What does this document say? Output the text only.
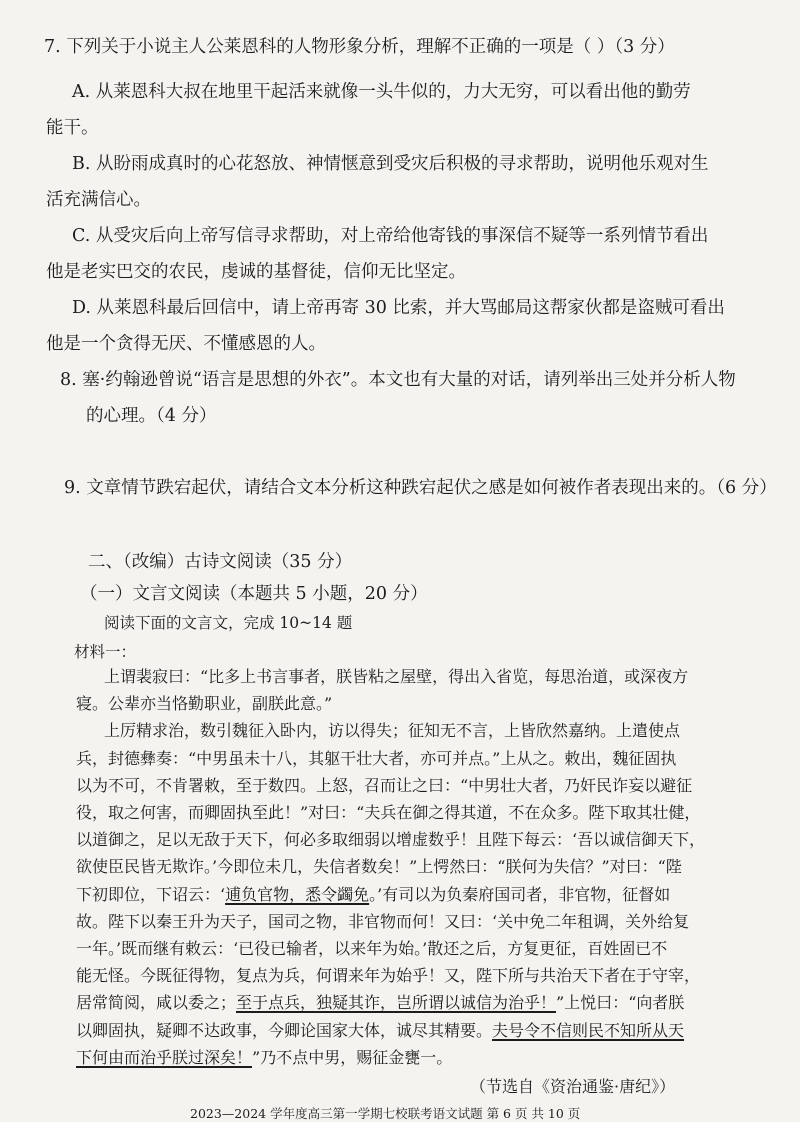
7. 下列关于小说主人公莱恩科的人物形象分析，理解不正确的一项是（ ）（3 分）
A. 从莱恩科大叔在地里干起活来就像一头牛似的，力大无穷，可以看出他的勤劳
能干。
B. 从盼雨成真时的心花怒放、神情惬意到受灾后积极的寻求帮助，说明他乐观对生
活充满信心。
C. 从受灾后向上帝写信寻求帮助，对上帝给他寄钱的事深信不疑等一系列情节看出
他是老实巴交的农民，虔诚的基督徒，信仰无比坚定。
D. 从莱恩科最后回信中，请上帝再寄 30 比索，并大骂邮局这帮家伙都是盗贼可看出
他是一个贪得无厌、不懂感恩的人。
8. 塞·约翰逊曾说“语言是思想的外衣”。本文也有大量的对话，请列举出三处并分析人物
的心理。（4 分）
9. 文章情节跌宕起伏，请结合文本分析这种跌宕起伏之感是如何被作者表现出来的。（6 分）
二、（改编）古诗文阅读（35 分）
（一）文言文阅读（本题共 5 小题，20 分）
阅读下面的文言文，完成 10~14 题
材料一：
上谓裴寂曰：“比多上书言事者，朕皆粘之屋壁，得出入省览，每思治道，或深夜方
寝。公辈亦当恪勤职业，副朕此意。”
上厉精求治，数引魏征入卧内，访以得失；征知无不言，上皆欣然嘉纳。上遣使点
兵，封德彝奏：“中男虽未十八，其躯干壮大者，亦可并点。”上从之。敕出，魏征固执
以为不可，不肯署敕，至于数四。上怒，召而让之曰：“中男壮大者，乃奸民诈妄以避征
役，取之何害，而卿固执至此！”对曰：“夫兵在御之得其道，不在众多。陛下取其壮健，
以道御之，足以无敌于天下，何必多取细弱以增虚数乎！且陛下每云：‘吾以诚信御天下，
欲使臣民皆无欺诈。’今即位未几，失信者数矣！”上愕然曰：“朕何为失信？”对曰：“陛
下初即位，下诏云：‘逋负官物，悉令蠲免。’有司以为负秦府国司者，非官物，征督如
故。陛下以秦王升为天子，国司之物，非官物而何！又曰：‘关中免二年租调，关外给复
一年。’既而继有敕云：‘已役已输者，以来年为始。’散还之后，方复更征，百姓固已不
能无怪。今既征得物，复点为兵，何谓来年为始乎！又，陛下所与共治天下者在于守宰，
居常简阅，咸以委之；至于点兵，独疑其诈，岂所谓以诚信为治乎！”上悦曰：“向者朕
以卿固执，疑卿不达政事，今卿论国家大体，诚尽其精要。夫号令不信则民不知所从天
下何由而治乎朕过深矣！”乃不点中男，赐征金甕一。
（节选自《资治通鉴·唐纪》）
2023—2024 学年度高三第一学期七校联考语文试题 第 6 页 共 10 页
